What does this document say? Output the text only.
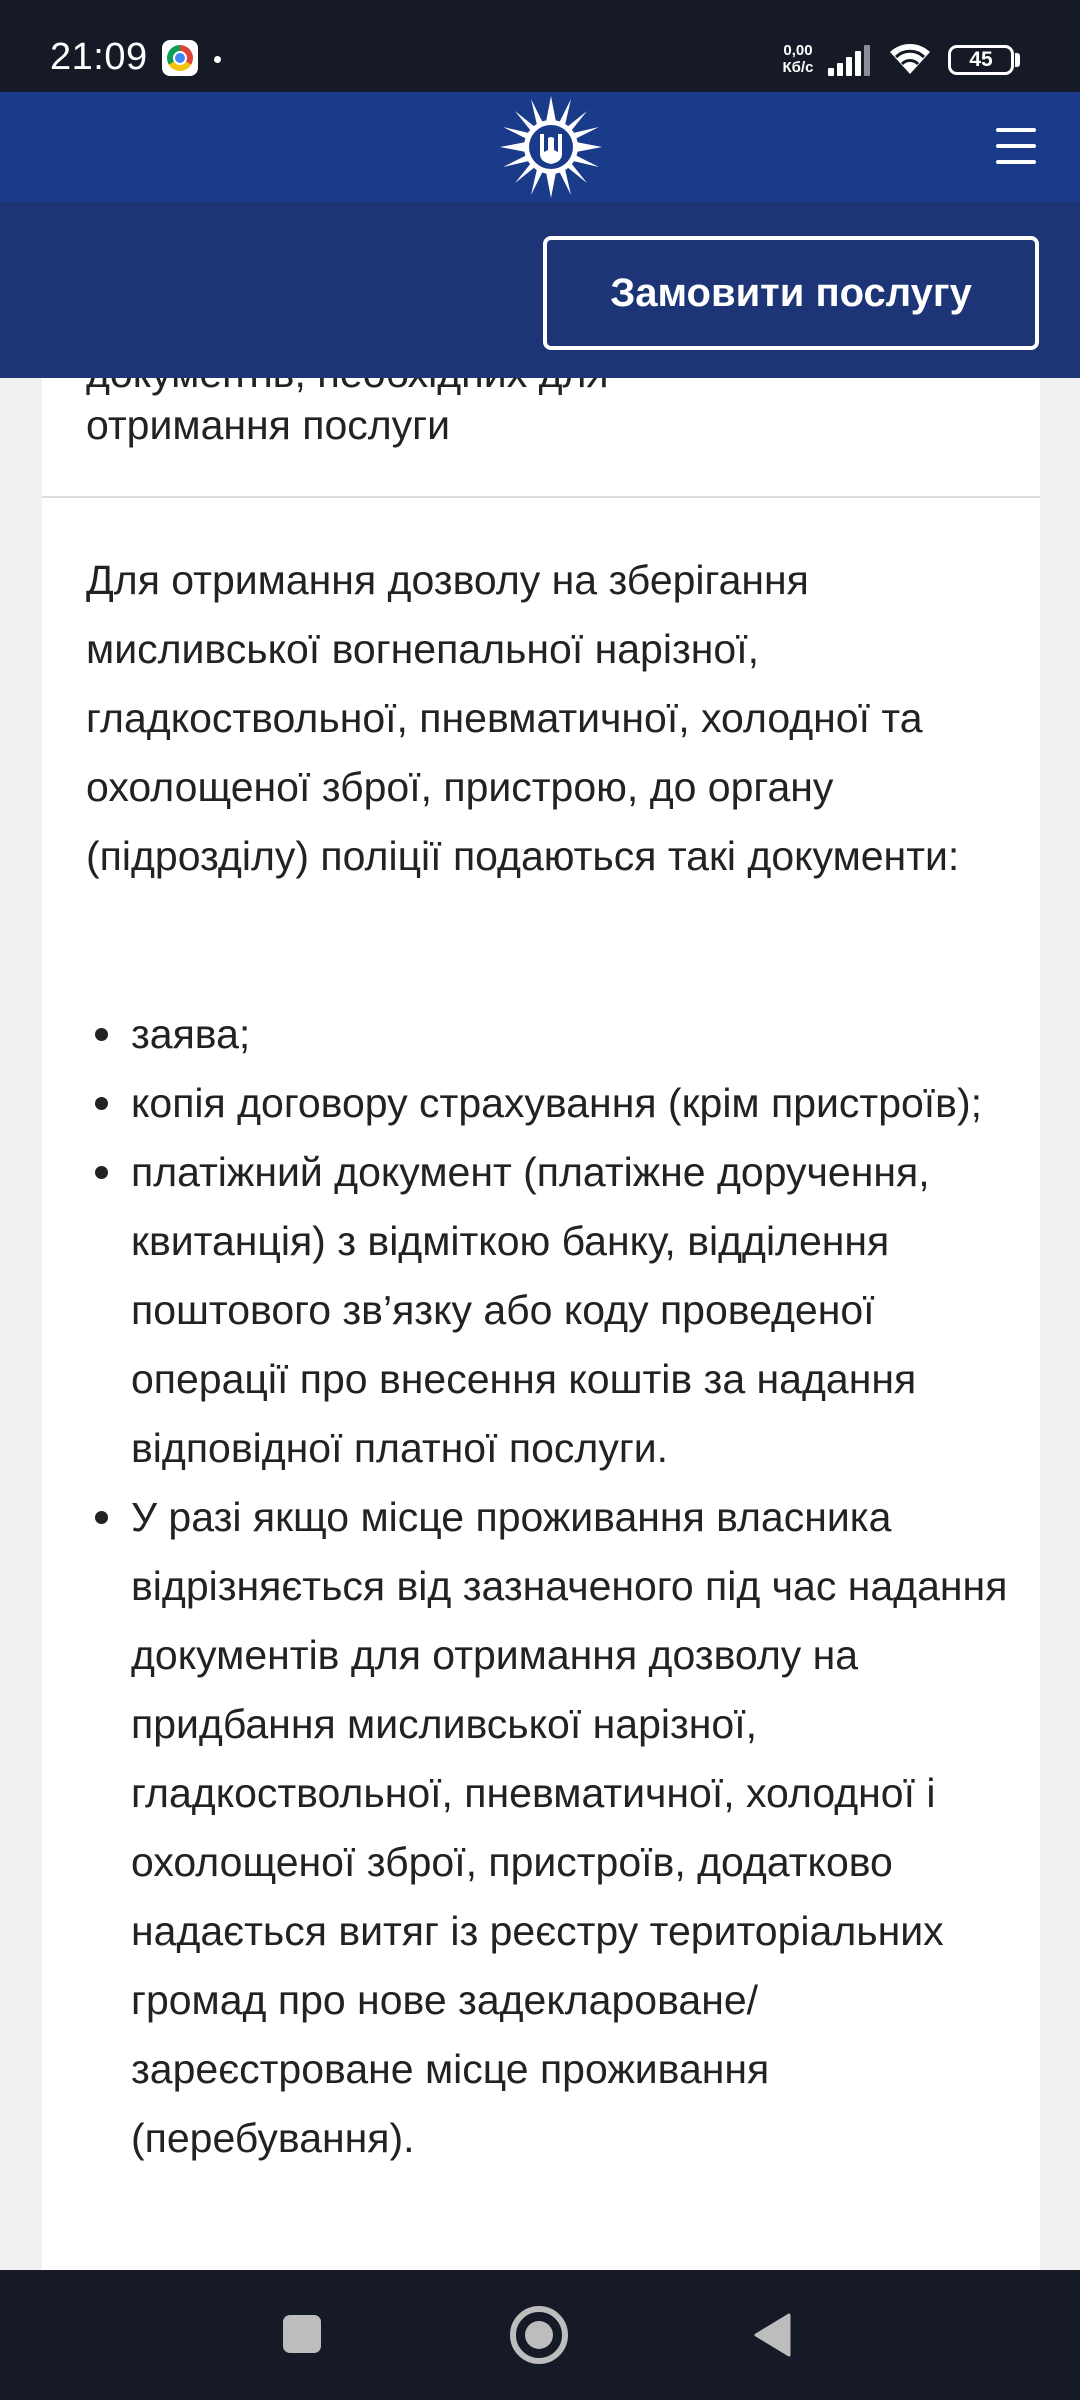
21:09	0,00
Кб/с	45
Замовити послугу
отримання послуги

Для отримання дозволу на зберігання мисливської вогнепальної нарізної, гладкоствольної, пневматичної, холодної та охолощеної зброї, пристрою, до органу (підрозділу) поліції подаються такі документи:

заява;
копія договору страхування (крім пристроїв);
платіжний документ (платіжне доручення, квитанція) з відміткою банку, відділення поштового зв’язку або коду проведеної операції про внесення коштів за надання відповідної платної послуги.
У разі якщо місце проживання власника відрізняється від зазначеного під час надання документів для отримання дозволу на придбання мисливської нарізної, гладкоствольної, пневматичної, холодної і охолощеної зброї, пристроїв, додатково надається витяг із реєстру територіальних громад про нове задеклароване/зареєстроване місце проживання (перебування).
